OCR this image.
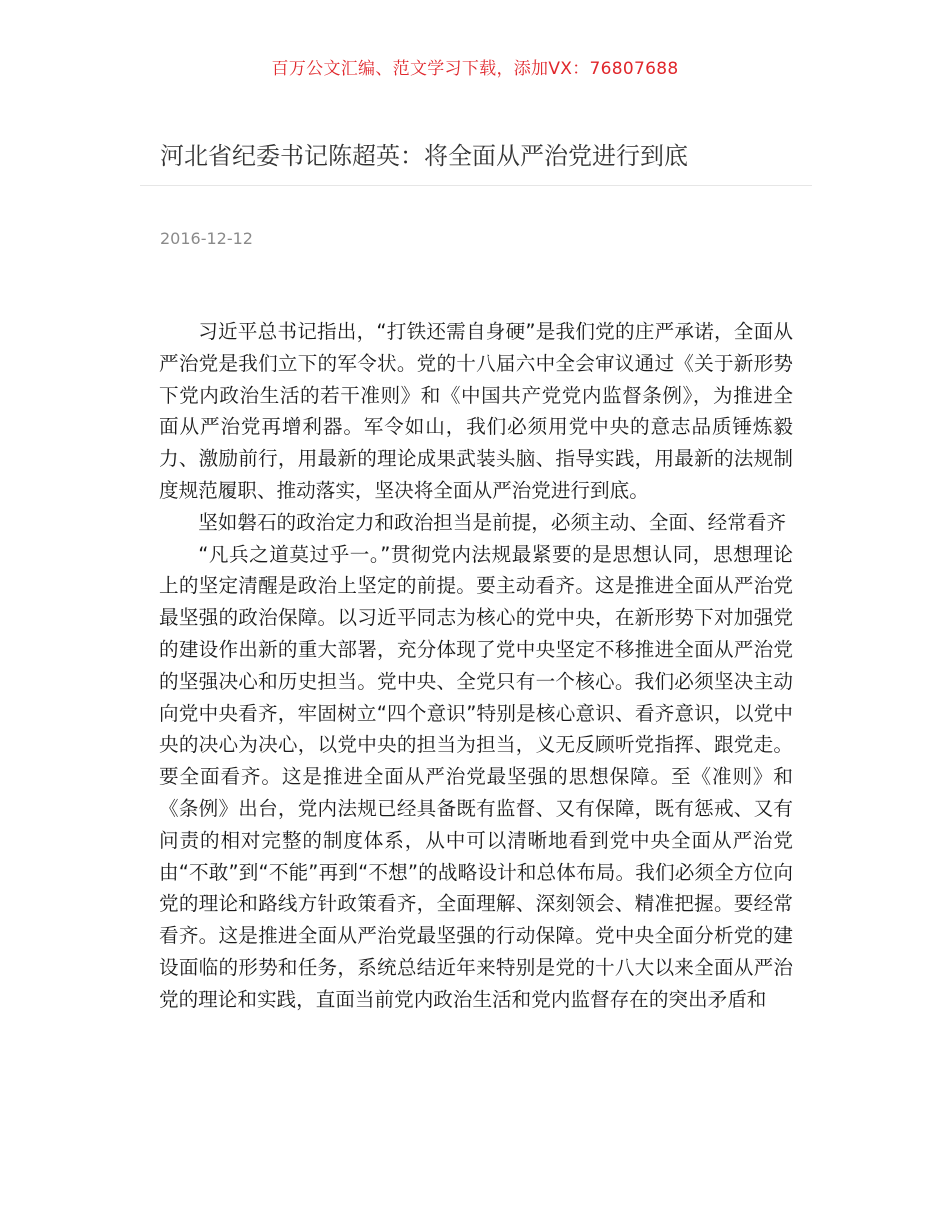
百万公文汇编、范文学习下载，添加VX：76807688
河北省纪委书记陈超英：将全面从严治党进行到底
2016-12-12

习近平总书记指出，“打铁还需自身硬”是我们党的庄严承诺，全面从严治党是我们立下的军令状。党的十八届六中全会审议通过《关于新形势下党内政治生活的若干准则》和《中国共产党党内监督条例》，为推进全面从严治党再增利器。军令如山，我们必须用党中央的意志品质锤炼毅力、激励前行，用最新的理论成果武装头脑、指导实践，用最新的法规制度规范履职、推动落实，坚决将全面从严治党进行到底。

坚如磐石的政治定力和政治担当是前提，必须主动、全面、经常看齐

“凡兵之道莫过乎一。”贯彻党内法规最紧要的是思想认同，思想理论上的坚定清醒是政治上坚定的前提。要主动看齐。这是推进全面从严治党最坚强的政治保障。以习近平同志为核心的党中央，在新形势下对加强党的建设作出新的重大部署，充分体现了党中央坚定不移推进全面从严治党的坚强决心和历史担当。党中央、全党只有一个核心。我们必须坚决主动向党中央看齐，牢固树立“四个意识”特别是核心意识、看齐意识，以党中央的决心为决心，以党中央的担当为担当，义无反顾听党指挥、跟党走。要全面看齐。这是推进全面从严治党最坚强的思想保障。至《准则》和《条例》出台，党内法规已经具备既有监督、又有保障，既有惩戒、又有问责的相对完整的制度体系，从中可以清晰地看到党中央全面从严治党由“不敢”到“不能”再到“不想”的战略设计和总体布局。我们必须全方位向党的理论和路线方针政策看齐，全面理解、深刻领会、精准把握。要经常看齐。这是推进全面从严治党最坚强的行动保障。党中央全面分析党的建设面临的形势和任务，系统总结近年来特别是党的十八大以来全面从严治党的理论和实践，直面当前党内政治生活和党内监督存在的突出矛盾和
